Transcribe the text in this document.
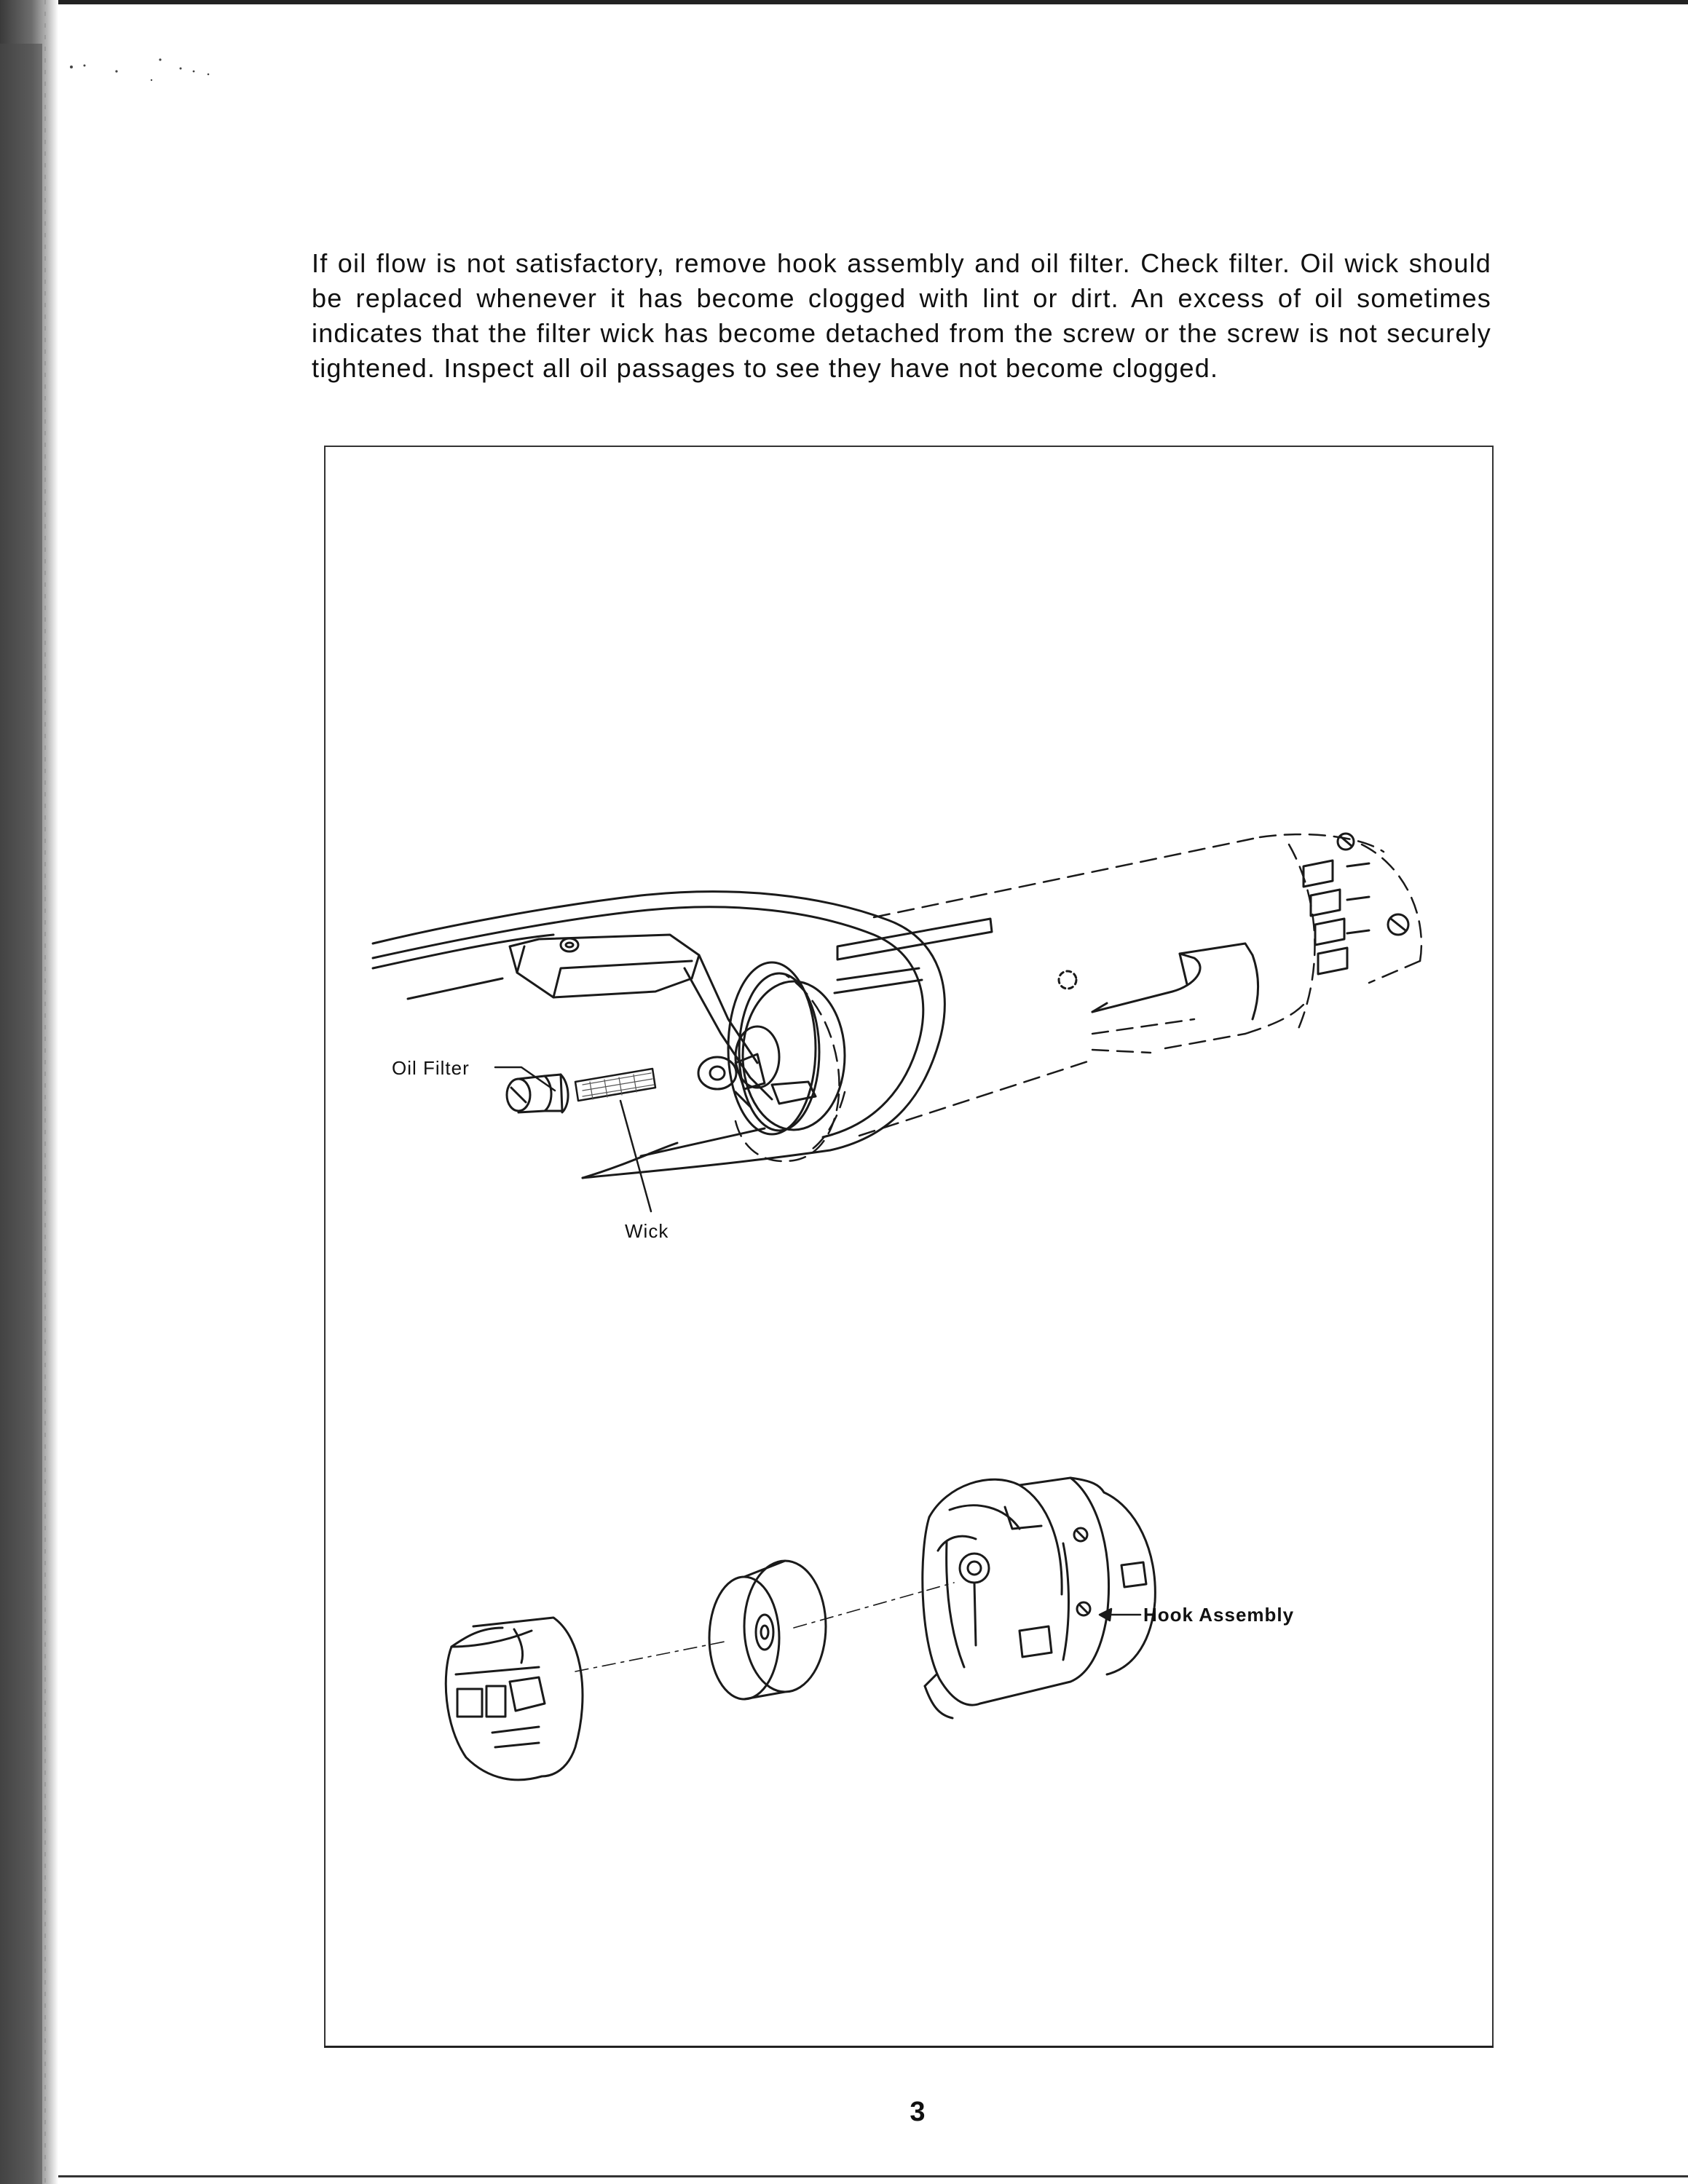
If oil flow is not satisfactory, remove hook assembly and oil filter. Check filter. Oil wick should be replaced whenever it has become clogged with lint or dirt. An excess of oil sometimes indicates that the filter wick has become detached from the screw or the screw is not securely tightened. Inspect all oil passages to see they have not become clogged.

Oil Filter
Wick
Hook Assembly
3
